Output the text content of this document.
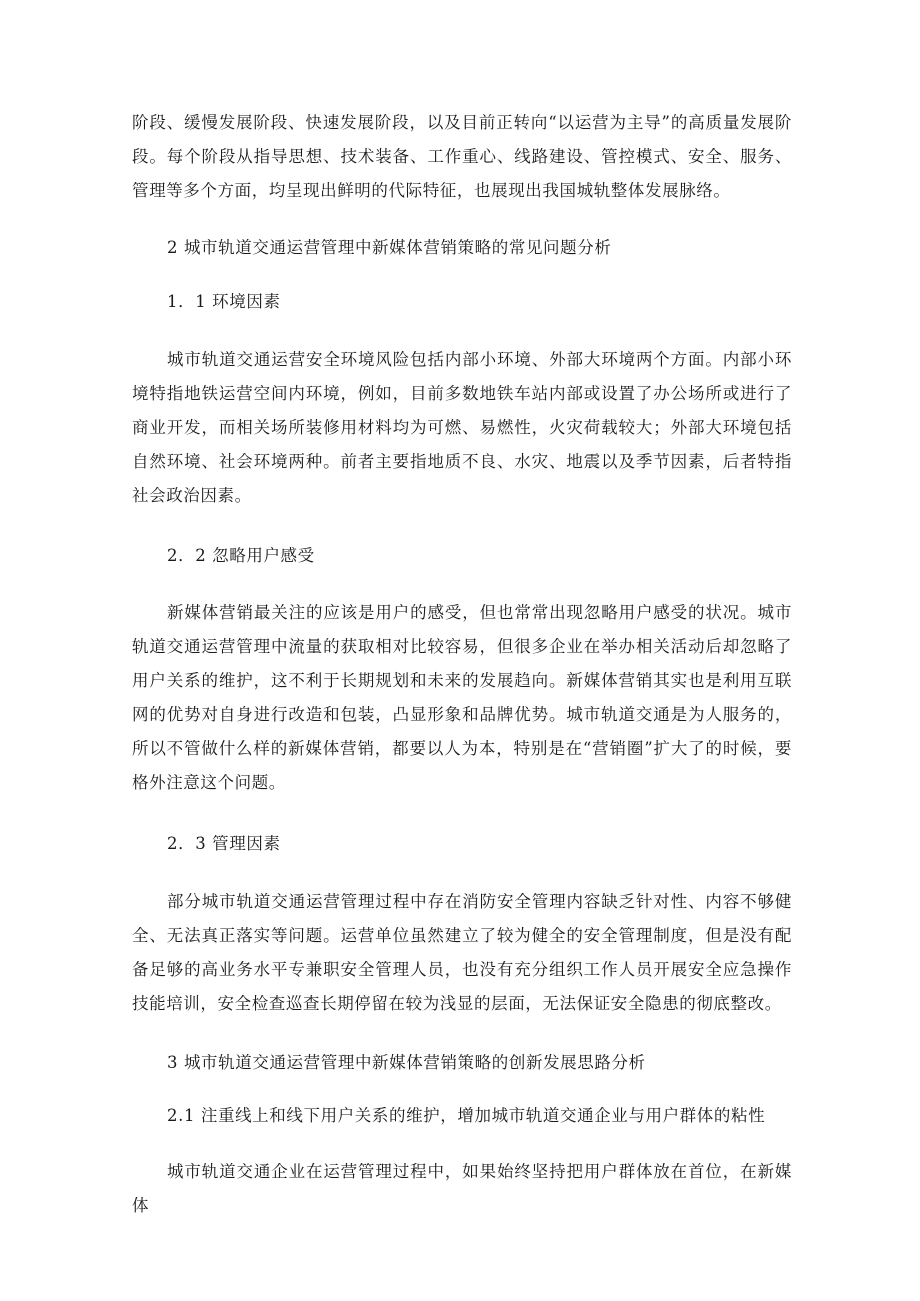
阶段、缓慢发展阶段、快速发展阶段，以及目前正转向“以运营为主导”的高质量发展阶段。每个阶段从指导思想、技术装备、工作重心、线路建设、管控模式、安全、服务、管理等多个方面，均呈现出鲜明的代际特征，也展现出我国城轨整体发展脉络。

2 城市轨道交通运营管理中新媒体营销策略的常见问题分析

1．1 环境因素

城市轨道交通运营安全环境风险包括内部小环境、外部大环境两个方面。内部小环境特指地铁运营空间内环境，例如，目前多数地铁车站内部或设置了办公场所或进行了商业开发，而相关场所装修用材料均为可燃、易燃性，火灾荷载较大；外部大环境包括自然环境、社会环境两种。前者主要指地质不良、水灾、地震以及季节因素，后者特指社会政治因素。

2．2 忽略用户感受

新媒体营销最关注的应该是用户的感受，但也常常出现忽略用户感受的状况。城市轨道交通运营管理中流量的获取相对比较容易，但很多企业在举办相关活动后却忽略了用户关系的维护，这不利于长期规划和未来的发展趋向。新媒体营销其实也是利用互联网的优势对自身进行改造和包装，凸显形象和品牌优势。城市轨道交通是为人服务的，所以不管做什么样的新媒体营销，都要以人为本，特别是在“营销圈”扩大了的时候，要格外注意这个问题。

2．3 管理因素

部分城市轨道交通运营管理过程中存在消防安全管理内容缺乏针对性、内容不够健全、无法真正落实等问题。运营单位虽然建立了较为健全的安全管理制度，但是没有配备足够的高业务水平专兼职安全管理人员，也没有充分组织工作人员开展安全应急操作技能培训，安全检查巡查长期停留在较为浅显的层面，无法保证安全隐患的彻底整改。

3 城市轨道交通运营管理中新媒体营销策略的创新发展思路分析

2.1 注重线上和线下用户关系的维护，增加城市轨道交通企业与用户群体的粘性

城市轨道交通企业在运营管理过程中，如果始终坚持把用户群体放在首位，在新媒体
